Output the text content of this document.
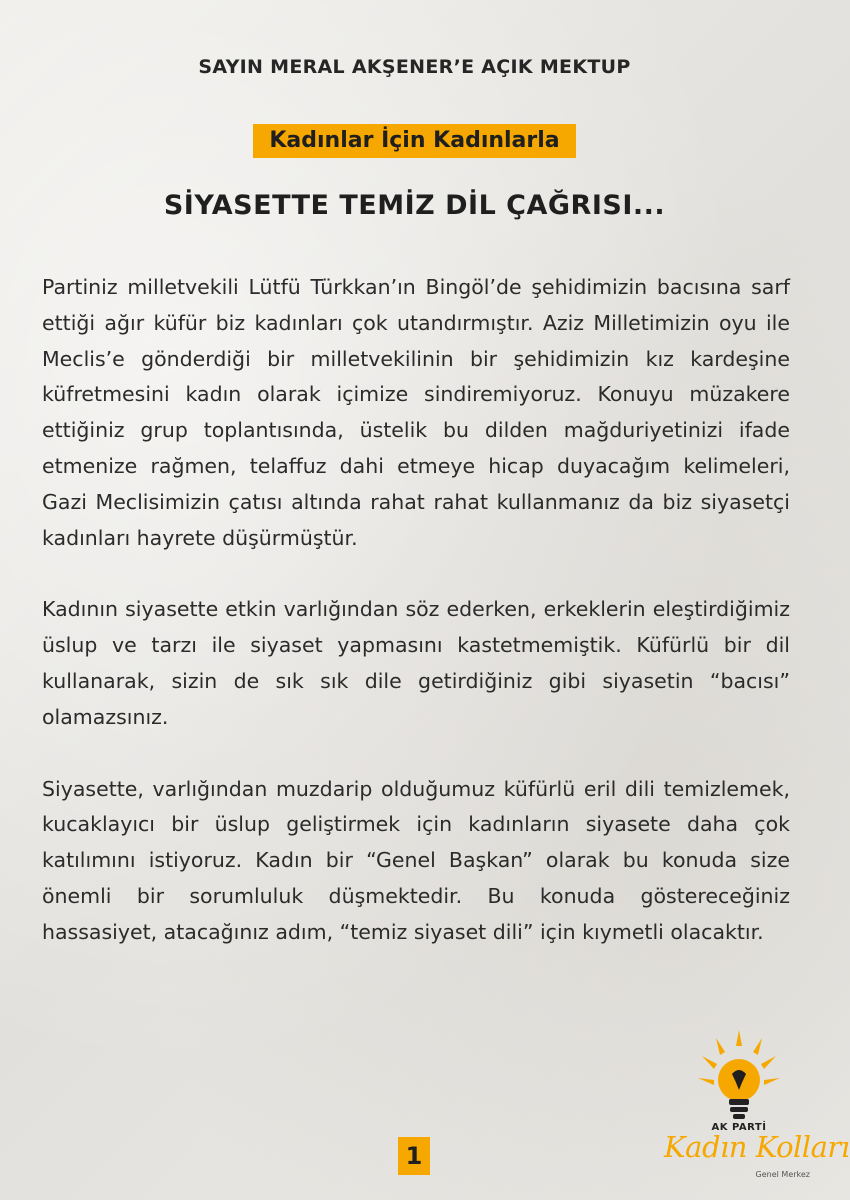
SAYIN MERAL AKŞENER’E AÇIK MEKTUP
Kadınlar İçin Kadınlarla
SİYASETTE TEMİZ DİL ÇAĞRISI...

Partiniz milletvekili Lütfü Türkkan’ın Bingöl’de şehidimizin bacısına sarf ettiği ağır küfür biz kadınları çok utandırmıştır. Aziz Milletimizin oyu ile Meclis’e gönderdiği bir milletvekilinin bir şehidimizin kız kardeşine küfretmesini kadın olarak içimize sindiremiyoruz. Konuyu müzakere ettiğiniz grup toplantısında, üstelik bu dilden mağduriyetinizi ifade etmenize rağmen, telaffuz dahi etmeye hicap duyacağım kelimeleri, Gazi Meclisimizin çatısı altında rahat rahat kullanmanız da biz siyasetçi kadınları hayrete düşürmüştür.

Kadının siyasette etkin varlığından söz ederken, erkeklerin eleştirdiğimiz üslup ve tarzı ile siyaset yapmasını kastetmemiştik. Küfürlü bir dil kullanarak, sizin de sık sık dile getirdiğiniz gibi siyasetin “bacısı” olamazsınız.

Siyasette, varlığından muzdarip olduğumuz küfürlü eril dili temizlemek, kucaklayıcı bir üslup geliştirmek için kadınların siyasete daha çok katılımını istiyoruz. Kadın bir “Genel Başkan” olarak bu konuda size önemli bir sorumluluk düşmektedir. Bu konuda göstereceğiniz hassasiyet, atacağınız adım, “temiz siyaset dili” için kıymetli olacaktır.

1
AK PARTİ
Kadın Kolları
Genel Merkez
